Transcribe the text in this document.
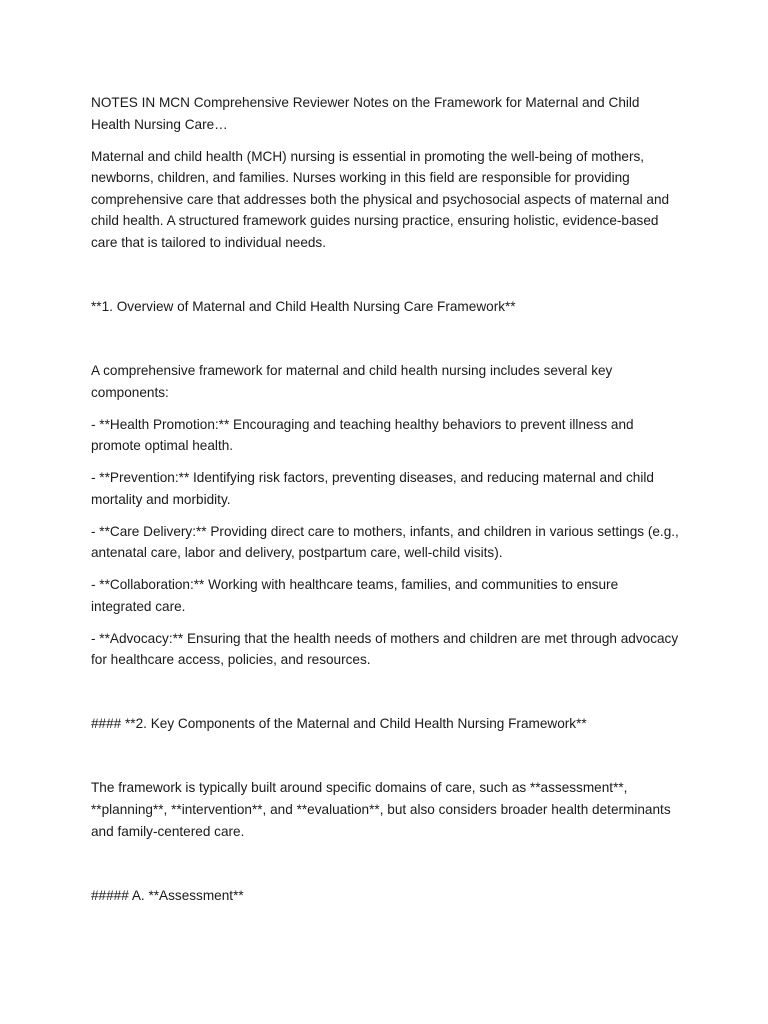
NOTES IN MCN Comprehensive Reviewer Notes on the Framework for Maternal and Child Health Nursing Care…

Maternal and child health (MCH) nursing is essential in promoting the well-being of mothers, newborns, children, and families. Nurses working in this field are responsible for providing comprehensive care that addresses both the physical and psychosocial aspects of maternal and child health. A structured framework guides nursing practice, ensuring holistic, evidence-based care that is tailored to individual needs.

**1. Overview of Maternal and Child Health Nursing Care Framework**

A comprehensive framework for maternal and child health nursing includes several key components:

- **Health Promotion:** Encouraging and teaching healthy behaviors to prevent illness and promote optimal health.
- **Prevention:** Identifying risk factors, preventing diseases, and reducing maternal and child mortality and morbidity.
- **Care Delivery:** Providing direct care to mothers, infants, and children in various settings (e.g., antenatal care, labor and delivery, postpartum care, well-child visits).
- **Collaboration:** Working with healthcare teams, families, and communities to ensure integrated care.
- **Advocacy:** Ensuring that the health needs of mothers and children are met through advocacy for healthcare access, policies, and resources.

#### **2. Key Components of the Maternal and Child Health Nursing Framework**

The framework is typically built around specific domains of care, such as **assessment**, **planning**, **intervention**, and **evaluation**, but also considers broader health determinants and family-centered care.

##### A. **Assessment**
